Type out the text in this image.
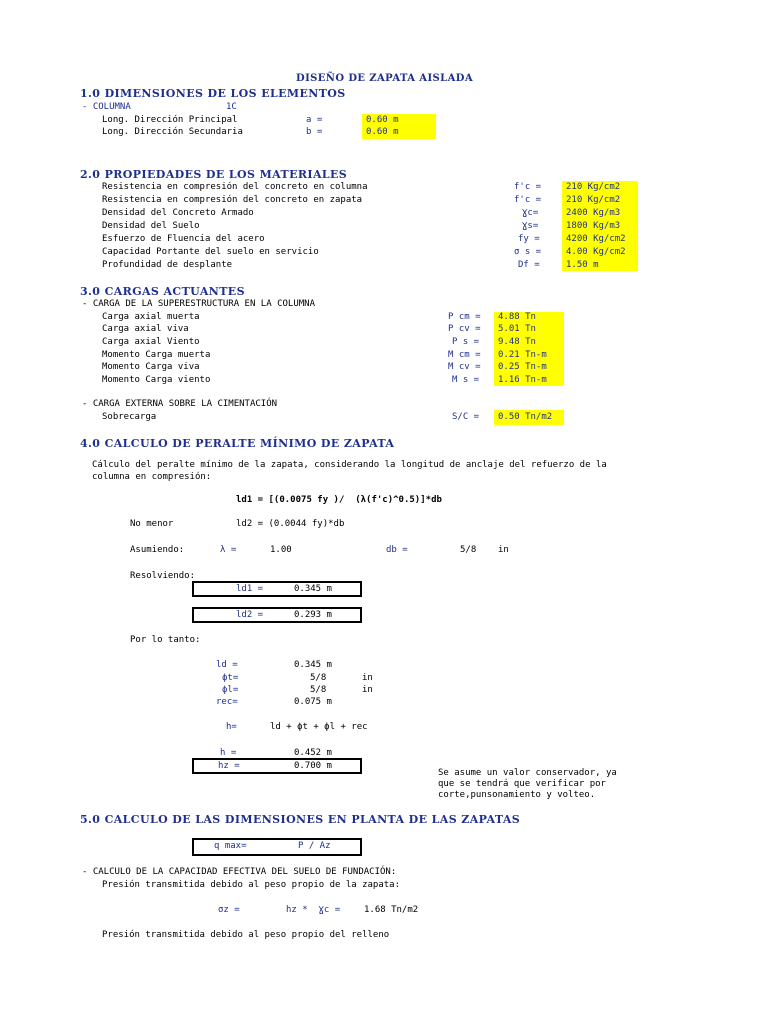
DISEÑO DE ZAPATA AISLADA
1.0 DIMENSIONES DE LOS ELEMENTOS
- COLUMNA	1C
Long. Dirección Principal	a =	0.60 m
Long. Dirección Secundaria	b =	0.60 m
2.0 PROPIEDADES DE LOS MATERIALES
Resistencia en compresión del concreto en columna	f'c =	210 Kg/cm2
Resistencia en compresión del concreto en zapata	f'c =	210 Kg/cm2
Densidad del Concreto Armado	Ɣc=	2400 Kg/m3
Densidad del Suelo	Ɣs=	1800 Kg/m3
Esfuerzo de Fluencia del acero	fy =	4200 Kg/cm2
Capacidad Portante del suelo en servicio	σ s =	4.00 Kg/cm2
Profundidad de desplante	Df =	1.50 m
3.0 CARGAS ACTUANTES
- CARGA DE LA SUPERESTRUCTURA EN LA COLUMNA
Carga axial muerta	P cm = 4.88 Tn
Carga axial viva	P cv = 5.01 Tn
Carga axial Viento	P s = 9.48 Tn
Momento Carga muerta	M cm = 0.21 Tn-m
Momento Carga viva	M cv = 0.25 Tn-m
Momento Carga viento	M s = 1.16 Tn-m
- CARGA EXTERNA SOBRE LA CIMENTACIÓN
Sobrecarga	S/C = 0.50 Tn/m2
4.0 CALCULO DE PERALTE MÍNIMO DE ZAPATA
Cálculo del peralte mínimo de la zapata, considerando la longitud de anclaje del refuerzo de la
columna en compresión:
ld1 = [(0.0075 fy )/  (λ(f'c)^0.5)]*db
No menor	ld2 = (0.0044 fy)*db
Asumiendo:	λ =	1.00	db =	5/8 in
Resolviendo:
ld1 =	0.345 m
ld2 =	0.293 m
Por lo tanto:
ld =	0.345 m
ϕt=	5/8	in
ϕl=	5/8	in
rec=	0.075 m
h=	ld + ϕt + ϕl + rec
h =	0.452 m
hz =	0.700 m
Se asume un valor conservador, ya
que se tendrá que verificar por
corte,punsonamiento y volteo.
5.0 CALCULO DE LAS DIMENSIONES EN PLANTA DE LAS ZAPATAS
q max=	P / Az
- CALCULO DE LA CAPACIDAD EFECTIVA DEL SUELO DE FUNDACIÓN:
Presión transmitida debido al peso propio de la zapata:
σz =	hz *  Ɣc =	1.68 Tn/m2
Presión transmitida debido al peso propio del relleno
